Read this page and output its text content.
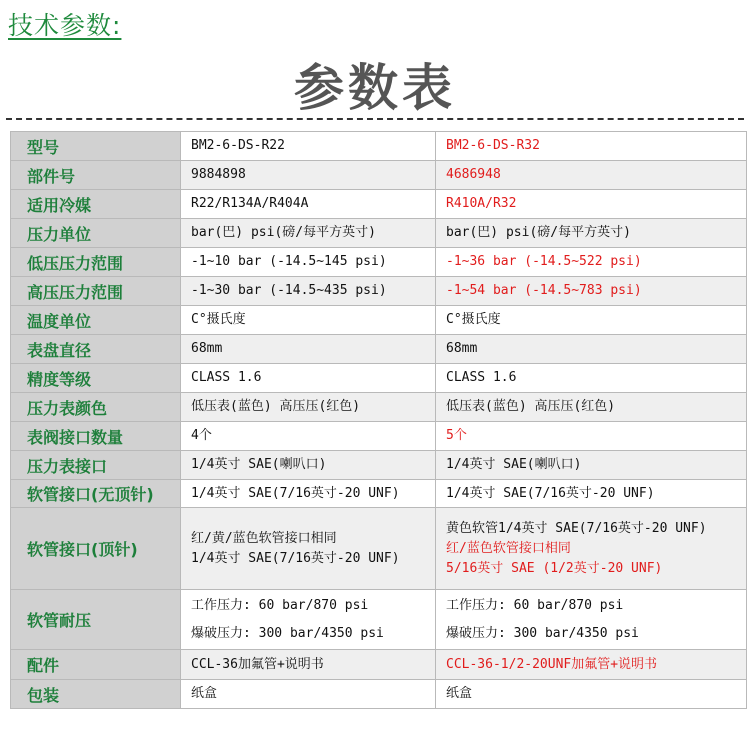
技术参数:
参数表
型号	BM2-6-DS-R22	BM2-6-DS-R32

部件号	9884898	4686948

适用冷媒	R22/R134A/R404A	R410A/R32

压力单位	bar(巴) psi(磅/每平方英寸)	bar(巴) psi(磅/每平方英寸)

低压压力范围	-1~10 bar (-14.5~145 psi)	-1~36 bar (-14.5~522 psi)

高压压力范围	-1~30 bar (-14.5~435 psi)	-1~54 bar (-14.5~783 psi)

温度单位	C°摄氏度	C°摄氏度

表盘直径	68mm	68mm

精度等级	CLASS 1.6	CLASS 1.6

压力表颜色	低压表(蓝色) 高压压(红色)	低压表(蓝色) 高压压(红色)

表阀接口数量	4个	5个

压力表接口	1/4英寸 SAE(喇叭口)	1/4英寸 SAE(喇叭口)

软管接口(无顶针)	1/4英寸 SAE(7/16英寸-20 UNF)	1/4英寸 SAE(7/16英寸-20 UNF)

软管接口(顶针)	红/黄/蓝色软管接口相同
1/4英寸 SAE(7/16英寸-20 UNF)	黄色软管1/4英寸 SAE(7/16英寸-20 UNF)
红/蓝色软管接口相同
5/16英寸 SAE (1/2英寸-20 UNF)

软管耐压	工作压力: 60 bar/870 psi
爆破压力: 300 bar/4350 psi	工作压力: 60 bar/870 psi
爆破压力: 300 bar/4350 psi

配件	CCL-36加氟管+说明书	CCL-36-1/2-20UNF加氟管+说明书

包装	纸盒	纸盒
